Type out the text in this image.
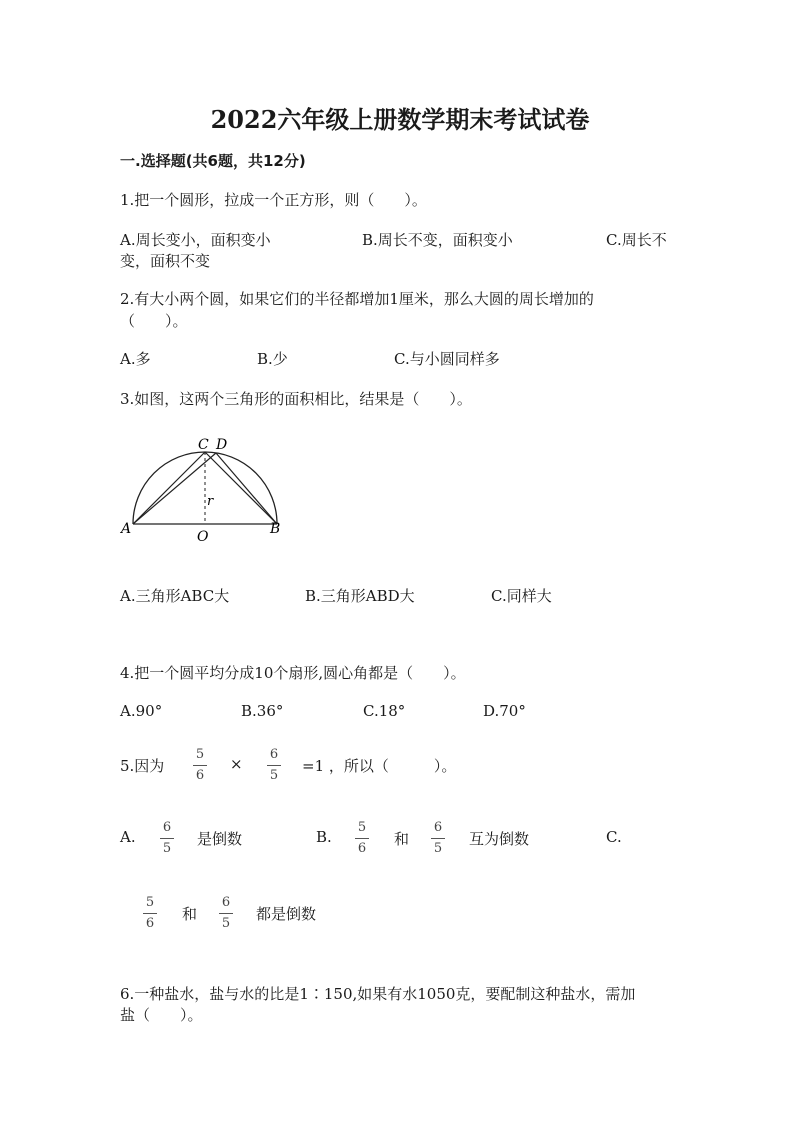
2022六年级上册数学期末考试试卷
一.选择题(共6题，共12分)
1.把一个圆形，拉成一个正方形，则（　　）。
A.周长变小，面积变小	B.周长不变，面积变小	C.周长不
变，面积不变
2.有大小两个圆，如果它们的半径都增加1厘米，那么大圆的周长增加的
（　　）。
A.多	B.少	C.与小圆同样多
3.如图，这两个三角形的面积相比，结果是（　　）。
C D
A	B
O
r
A.三角形ABC大	B.三角形ABD大	C.同样大
4.把一个圆平均分成10个扇形,圆心角都是（　　）。
A.90°	B.36°	C.18°	D.70°
5.因为
5
6
×
6
5
=1 ，所以（　　　）。
A.
6
5
是倒数	B.
5
6
和
6
5
互为倒数	C.
5
6
和
6
5
都是倒数
6.一种盐水，盐与水的比是1∶150,如果有水1050克，要配制这种盐水，需加
盐（　　）。
